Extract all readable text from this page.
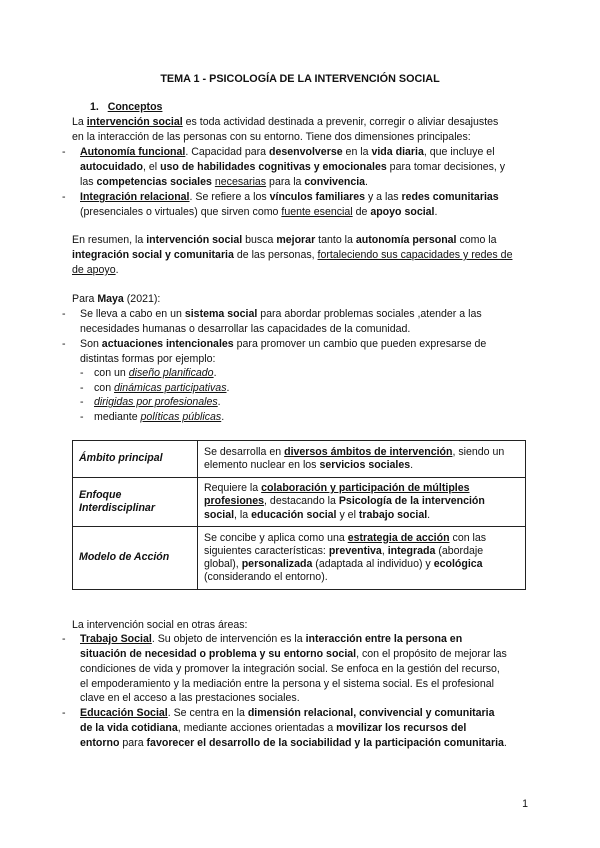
TEMA 1 - PSICOLOGÍA DE LA INTERVENCIÓN SOCIAL
1. Conceptos
La intervención social es toda actividad destinada a prevenir, corregir o aliviar desajustes
en la interacción de las personas con su entorno. Tiene dos dimensiones principales:
- Autonomía funcional. Capacidad para desenvolverse en la vida diaria, que incluye el
autocuidado, el uso de habilidades cognitivas y emocionales para tomar decisiones, y
las competencias sociales necesarias para la convivencia.
- Integración relacional. Se refiere a los vínculos familiares y a las redes comunitarias
(presenciales o virtuales) que sirven como fuente esencial de apoyo social.
En resumen, la intervención social busca mejorar tanto la autonomía personal como la
integración social y comunitaria de las personas, fortaleciendo sus capacidades y redes de
de apoyo.
Para Maya (2021):
- Se lleva a cabo en un sistema social para abordar problemas sociales ,atender a las
necesidades humanas o desarrollar las capacidades de la comunidad.
- Son actuaciones intencionales para promover un cambio que pueden expresarse de
distintas formas por ejemplo:
- con un diseño planificado.
- con dinámicas participativas.
- dirigidas por profesionales.
- mediante políticas públicas.
Ámbito principal	Se desarrolla en diversos ámbitos de intervención, siendo un elemento nuclear en los servicios sociales.
Enfoque Interdisciplinar	Requiere la colaboración y participación de múltiples profesiones, destacando la Psicología de la intervención social, la educación social y el trabajo social.
Modelo de Acción	Se concibe y aplica como una estrategia de acción con las siguientes características: preventiva, integrada (abordaje global), personalizada (adaptada al individuo) y ecológica (considerando el entorno).
La intervención social en otras áreas:
- Trabajo Social. Su objeto de intervención es la interacción entre la persona en
situación de necesidad o problema y su entorno social, con el propósito de mejorar las
condiciones de vida y promover la integración social. Se enfoca en la gestión del recurso,
el empoderamiento y la mediación entre la persona y el sistema social. Es el profesional
clave en el acceso a las prestaciones sociales.
- Educación Social. Se centra en la dimensión relacional, convivencial y comunitaria
de la vida cotidiana, mediante acciones orientadas a movilizar los recursos del
entorno para favorecer el desarrollo de la sociabilidad y la participación comunitaria.
1
